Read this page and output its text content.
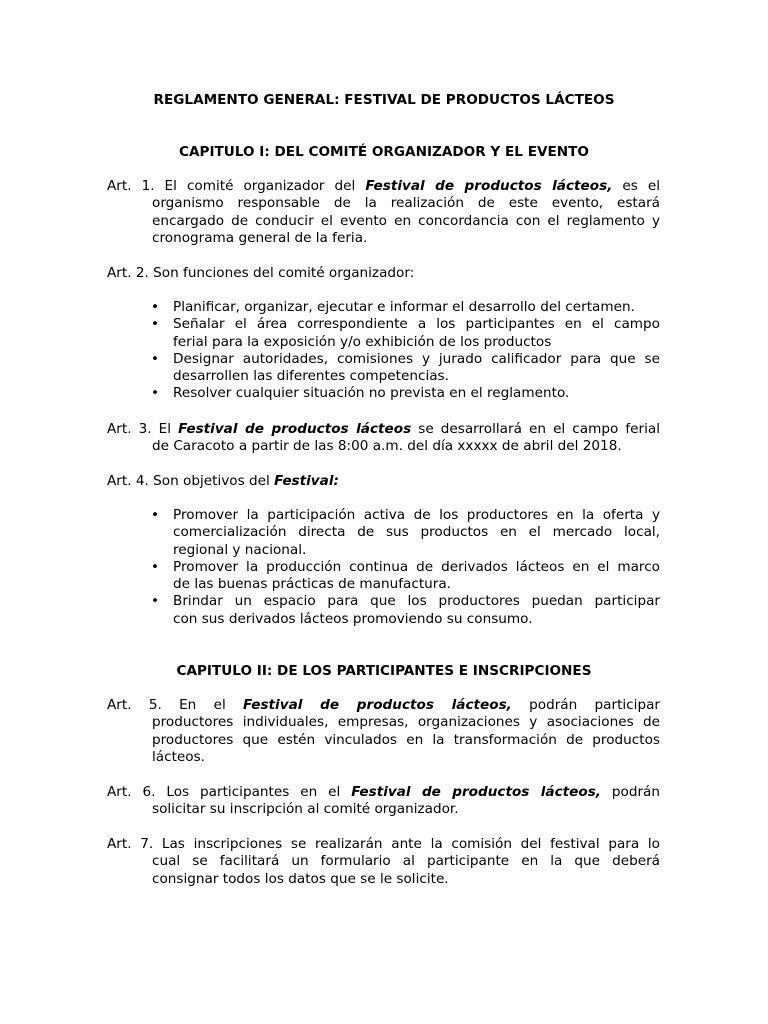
REGLAMENTO GENERAL: FESTIVAL DE PRODUCTOS LÁCTEOS
CAPITULO I: DEL COMITÉ ORGANIZADOR Y EL EVENTO
Art. 1. El comité organizador del Festival de productos lácteos, es el
organismo responsable de la realización de este evento, estará
encargado de conducir el evento en concordancia con el reglamento y
cronograma general de la feria.
Art. 2. Son funciones del comité organizador:
• Planificar, organizar, ejecutar e informar el desarrollo del certamen.
• Señalar el área correspondiente a los participantes en el campo
ferial para la exposición y/o exhibición de los productos
• Designar autoridades, comisiones y jurado calificador para que se
desarrollen las diferentes competencias.
• Resolver cualquier situación no prevista en el reglamento.
Art. 3. El Festival de productos lácteos se desarrollará en el campo ferial
de Caracoto a partir de las 8:00 a.m. del día xxxxx de abril del 2018.
Art. 4. Son objetivos del Festival:
• Promover la participación activa de los productores en la oferta y
comercialización directa de sus productos en el mercado local,
regional y nacional.
• Promover la producción continua de derivados lácteos en el marco
de las buenas prácticas de manufactura.
• Brindar un espacio para que los productores puedan participar
con sus derivados lácteos promoviendo su consumo.
CAPITULO II: DE LOS PARTICIPANTES E INSCRIPCIONES
Art. 5. En el Festival de productos lácteos, podrán participar
productores individuales, empresas, organizaciones y asociaciones de
productores que estén vinculados en la transformación de productos
lácteos.
Art. 6. Los participantes en el Festival de productos lácteos, podrán
solicitar su inscripción al comité organizador.
Art. 7. Las inscripciones se realizarán ante la comisión del festival para lo
cual se facilitará un formulario al participante en la que deberá
consignar todos los datos que se le solicite.
